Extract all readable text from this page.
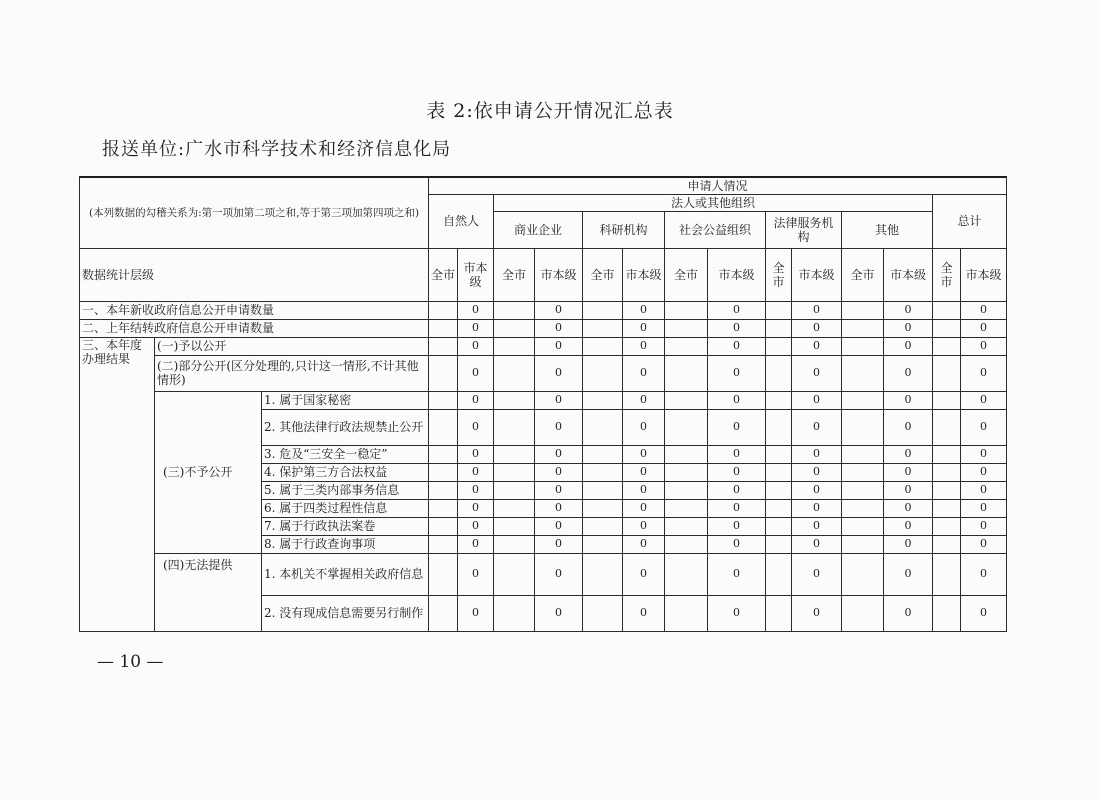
表 2:依申请公开情况汇总表
报送单位:广水市科学技术和经济信息化局
(本列数据的勾稽关系为:第一项加第二项之和,等于第三项加第四项之和)			申请人情况													
			自然人		法人或其他组织										总计	
					商业企业		科研机构		社会公益组织		法律服务机构		其他			
数据统计层级			全市	市本级	全市	市本级	全市	市本级	全市	市本级	全市	市本级	全市	市本级	全市	市本级
一、本年新收政府信息公开申请数量				0		0		0		0		0		0		0
二、上年结转政府信息公开申请数量				0		0		0		0		0		0		0
三、本年度办理结果	(一)予以公开			0		0		0		0		0		0		0
	(二)部分公开(区分处理的,只计这一情形,不计其他情形)			0		0		0		0		0		0		0
	(三)不予公开	1. 属于国家秘密		0		0		0		0		0		0		0
		2. 其他法律行政法规禁止公开		0		0		0		0		0		0		0
		3. 危及“三安全一稳定”		0		0		0		0		0		0		0
		4. 保护第三方合法权益		0		0		0		0		0		0		0
		5. 属于三类内部事务信息		0		0		0		0		0		0		0
		6. 属于四类过程性信息		0		0		0		0		0		0		0
		7. 属于行政执法案卷		0		0		0		0		0		0		0
		8. 属于行政查询事项		0		0		0		0		0		0		0
	(四)无法提供	1. 本机关不掌握相关政府信息		0		0		0		0		0		0		0
		2. 没有现成信息需要另行制作		0		0		0		0		0		0		0
— 10 —
